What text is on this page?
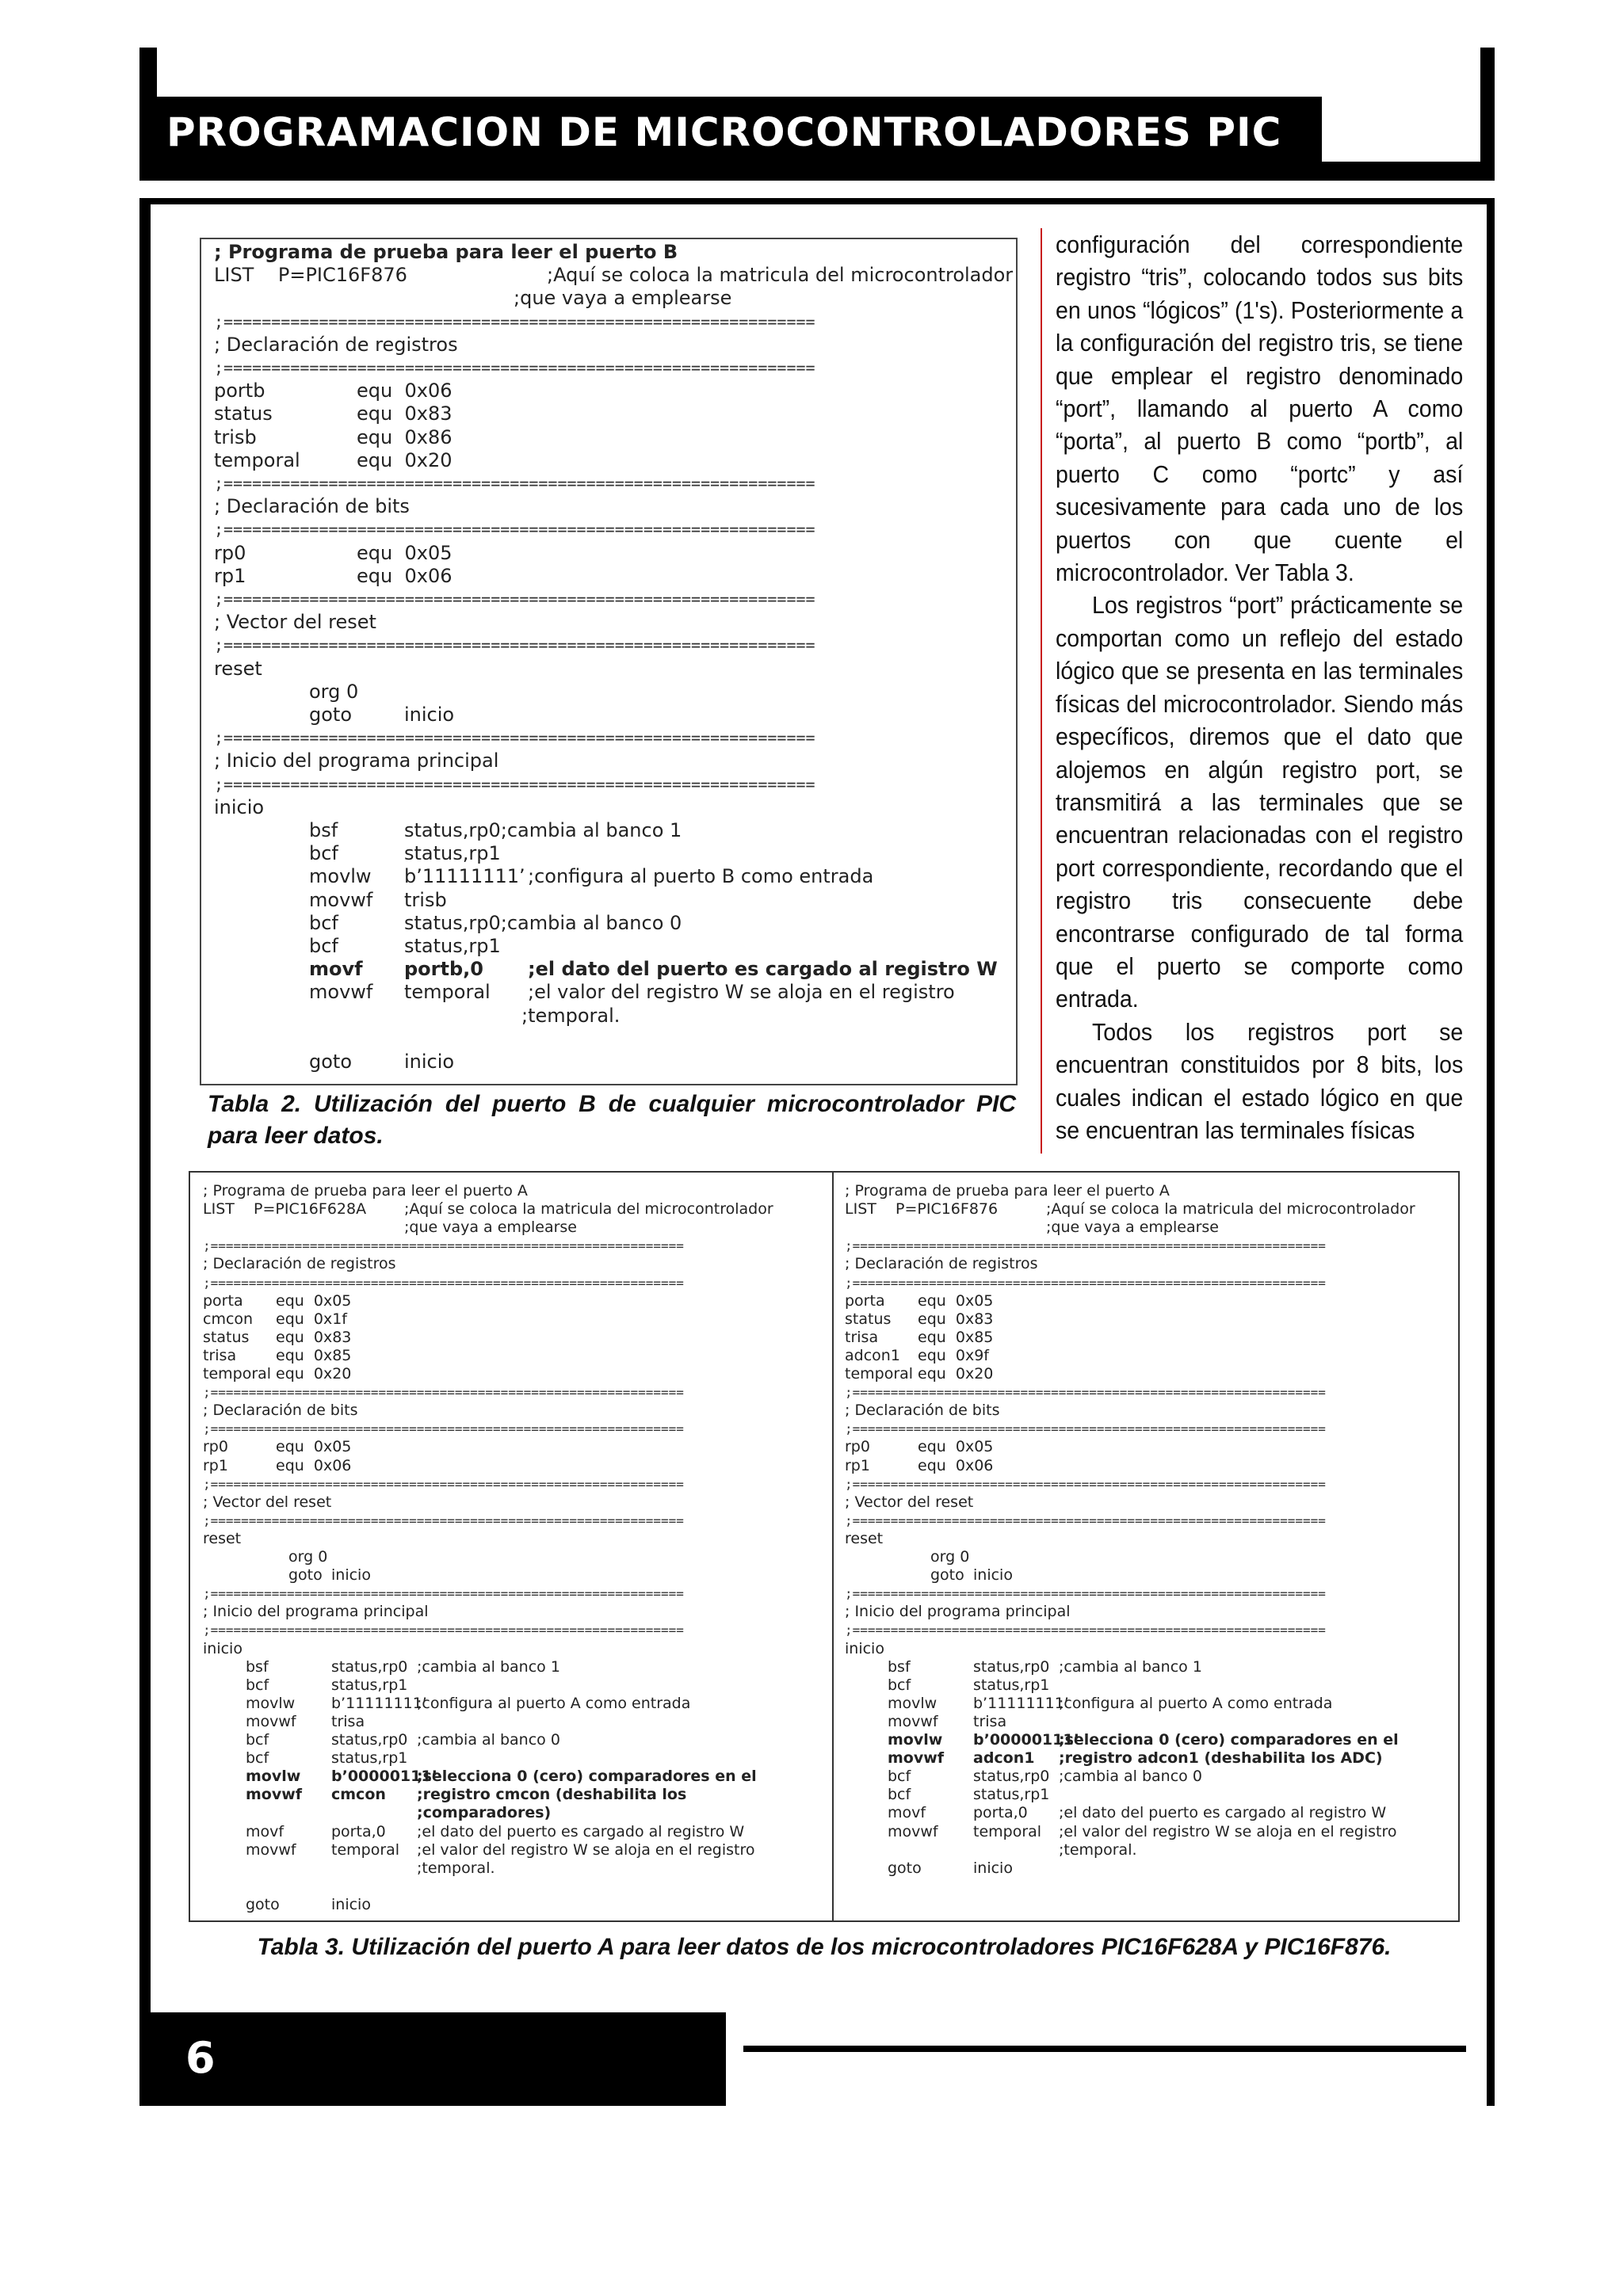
PROGRAMACION DE MICROCONTROLADORES PIC
; Programa de prueba para leer el puerto B
LIST    P=PIC16F876	;Aquí se coloca la matricula del microcontrolador
;que vaya a emplearse
;==============================================================
; Declaración de registros
;==============================================================
portb	equ  0x06
status	equ  0x83
trisb	equ  0x86
temporal	equ  0x20
;==============================================================
; Declaración de bits
;==============================================================
rp0	equ  0x05
rp1	equ  0x06
;==============================================================
; Vector del reset
;==============================================================
reset
org 0
goto	inicio
;==============================================================
; Inicio del programa principal
;==============================================================
inicio
bsf	status,rp0;cambia al banco 1
bcf	status,rp1
movlw b’11111111’ ;configura al puerto B como entrada
movwf trisb
bcf	status,rp0;cambia al banco 0
bcf	status,rp1
movf portb,0 ;el dato del puerto es cargado al registro W
movwf temporal ;el valor del registro W se aloja en el registro
;temporal.
goto	inicio
Tabla 2. Utilización del puerto B de cualquier microcontrolador PIC para leer datos.

configuración del correspondiente registro “tris”, colocando todos sus bits en unos “lógicos” (1's). Posteriormente a la configuración del registro tris, se tiene que emplear el registro denominado “port”, llamando al puerto A como “porta”, al puerto B como “portb”, al puerto C como “portc” y así sucesivamente para cada uno de los puertos con que cuente el microcontrolador. Ver Tabla 3.

Los registros “port” prácticamente se comportan como un reflejo del estado lógico que se presenta en las terminales físicas del microcontrolador. Siendo más específicos, diremos que el dato que alojemos en algún registro port, se transmitirá a las terminales que se encuentran relacionadas con el registro port correspondiente, recordando que el registro tris consecuente debe encontrarse configurado de tal forma que el puerto se comporte como entrada.

Todos los registros port se encuentran constituidos por 8 bits, los cuales indican el estado lógico en que se encuentran las terminales físicas

; Programa de prueba para leer el puerto A
LIST    P=PIC16F628A	;Aquí se coloca la matricula del microcontrolador
;que vaya a emplearse
;==============================================================
; Declaración de registros
;==============================================================
porta equ  0x05
cmcon equ  0x1f
status equ  0x83
trisa	equ  0x85
temporal equ  0x20
;==============================================================
; Declaración de bits
;==============================================================
rp0	equ  0x05
rp1	equ  0x06
;==============================================================
; Vector del reset
;==============================================================
reset
org 0
goto inicio
;==============================================================
; Inicio del programa principal
;==============================================================
inicio
bsf	status,rp0 ;cambia al banco 1
bcf	status,rp1
movlw b’11111111’
;configura al puerto A como entrada
movwf trisa
bcf	status,rp0 ;cambia al banco 0
bcf	status,rp1
movlw b’00000111’
;selecciona 0 (cero) comparadores en el
movwf cmcon ;registro cmcon (deshabilita los
;comparadores)
movf	porta,0 ;el dato del puerto es cargado al registro W
movwf temporal ;el valor del registro W se aloja en el registro
;temporal.
goto	inicio
; Programa de prueba para leer el puerto A
LIST    P=PIC16F876	;Aquí se coloca la matricula del microcontrolador
;que vaya a emplearse
;==============================================================
; Declaración de registros
;==============================================================
porta equ  0x05
status equ  0x83
trisa	equ  0x85
adcon1 equ  0x9f
temporal equ  0x20
;==============================================================
; Declaración de bits
;==============================================================
rp0	equ  0x05
rp1	equ  0x06
;==============================================================
; Vector del reset
;==============================================================
reset
org 0
goto inicio
;==============================================================
; Inicio del programa principal
;==============================================================
inicio
bsf	status,rp0 ;cambia al banco 1
bcf	status,rp1
movlw b’11111111’
;configura al puerto A como entrada
movwf trisa
movlw b’00000111’
;selecciona 0 (cero) comparadores en el
movwf adcon1 ;registro adcon1 (deshabilita los ADC)
bcf	status,rp0 ;cambia al banco 0
bcf	status,rp1
movf	porta,0 ;el dato del puerto es cargado al registro W
movwf temporal ;el valor del registro W se aloja en el registro
;temporal.
goto	inicio
Tabla 3. Utilización del puerto A para leer datos de los microcontroladores PIC16F628A y PIC16F876.
6
